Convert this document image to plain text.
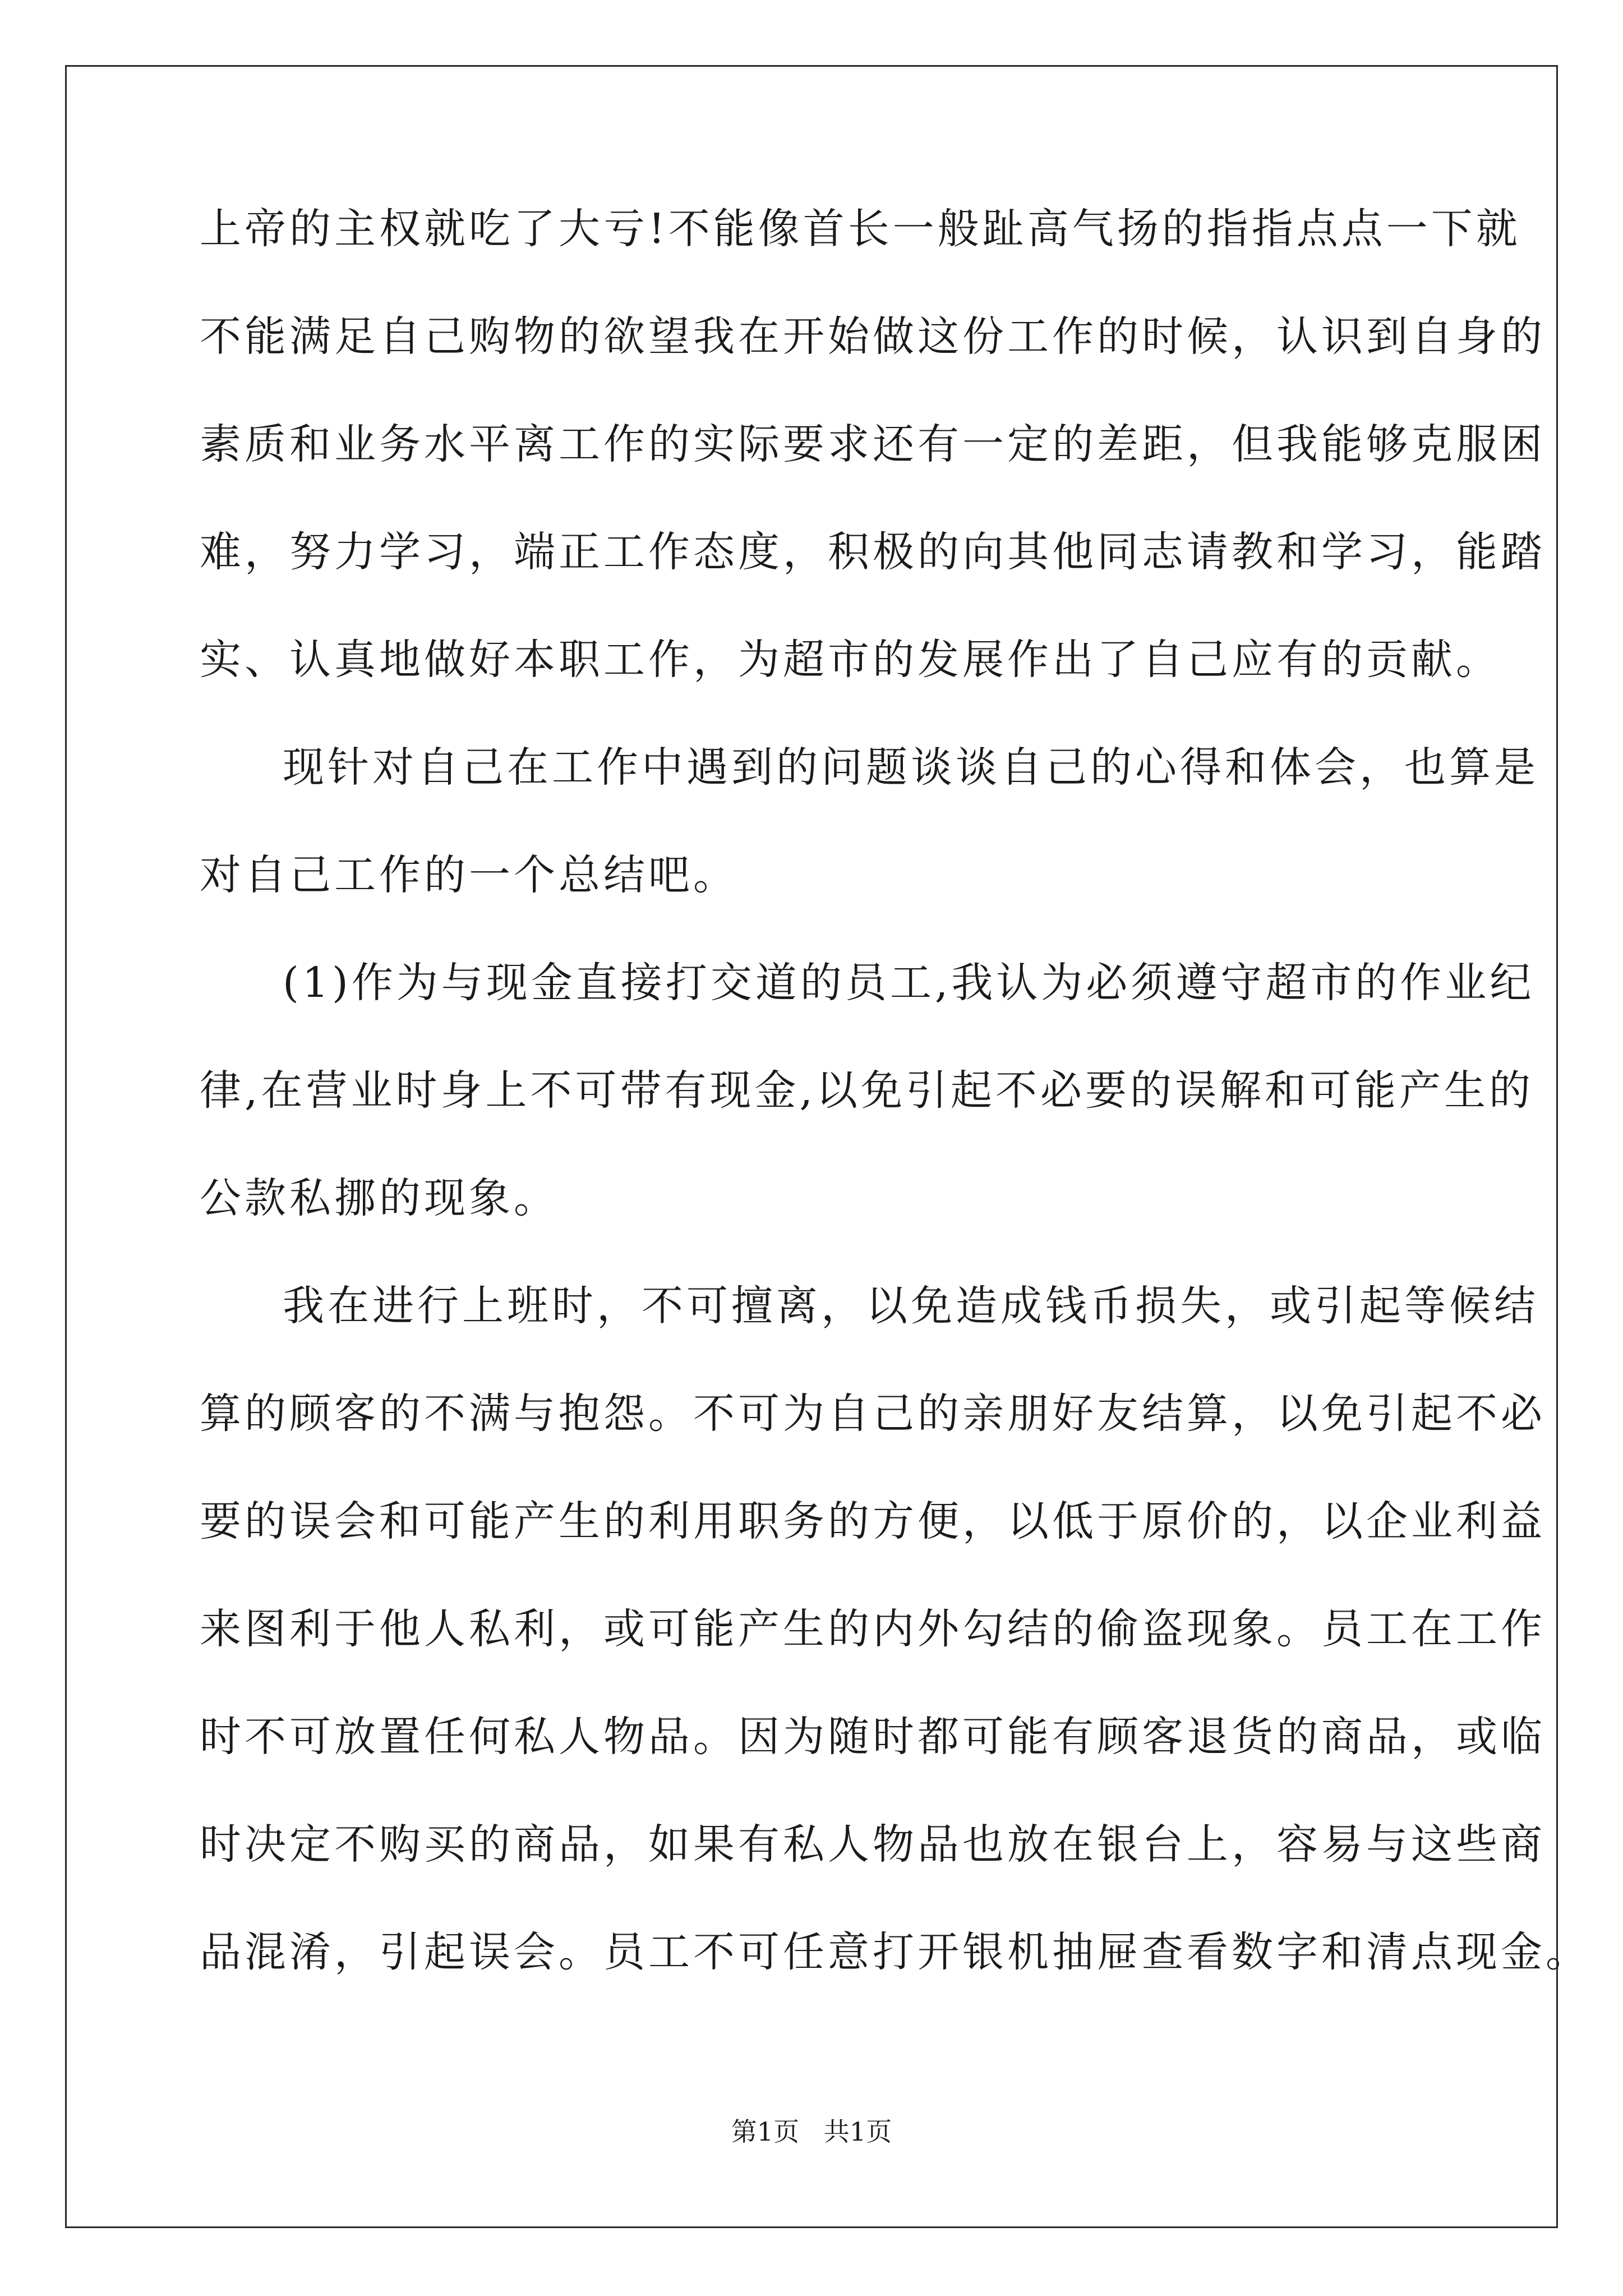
上帝的主权就吃了大亏!不能像首长一般趾高气扬的指指点点一下就

不能满足自己购物的欲望我在开始做这份工作的时候，认识到自身的

素质和业务水平离工作的实际要求还有一定的差距，但我能够克服困

难，努力学习，端正工作态度，积极的向其他同志请教和学习，能踏

实、认真地做好本职工作，为超市的发展作出了自己应有的贡献。

现针对自己在工作中遇到的问题谈谈自己的心得和体会，也算是

对自己工作的一个总结吧。

(1)作为与现金直接打交道的员工,我认为必须遵守超市的作业纪

律,在营业时身上不可带有现金,以免引起不必要的误解和可能产生的

公款私挪的现象。

我在进行上班时，不可擅离，以免造成钱币损失，或引起等候结

算的顾客的不满与抱怨。不可为自己的亲朋好友结算，以免引起不必

要的误会和可能产生的利用职务的方便，以低于原价的，以企业利益

来图利于他人私利，或可能产生的内外勾结的偷盗现象。员工在工作

时不可放置任何私人物品。因为随时都可能有顾客退货的商品，或临

时决定不购买的商品，如果有私人物品也放在银台上，容易与这些商

品混淆，引起误会。员工不可任意打开银机抽屉查看数字和清点现金。

第1页   共1页
